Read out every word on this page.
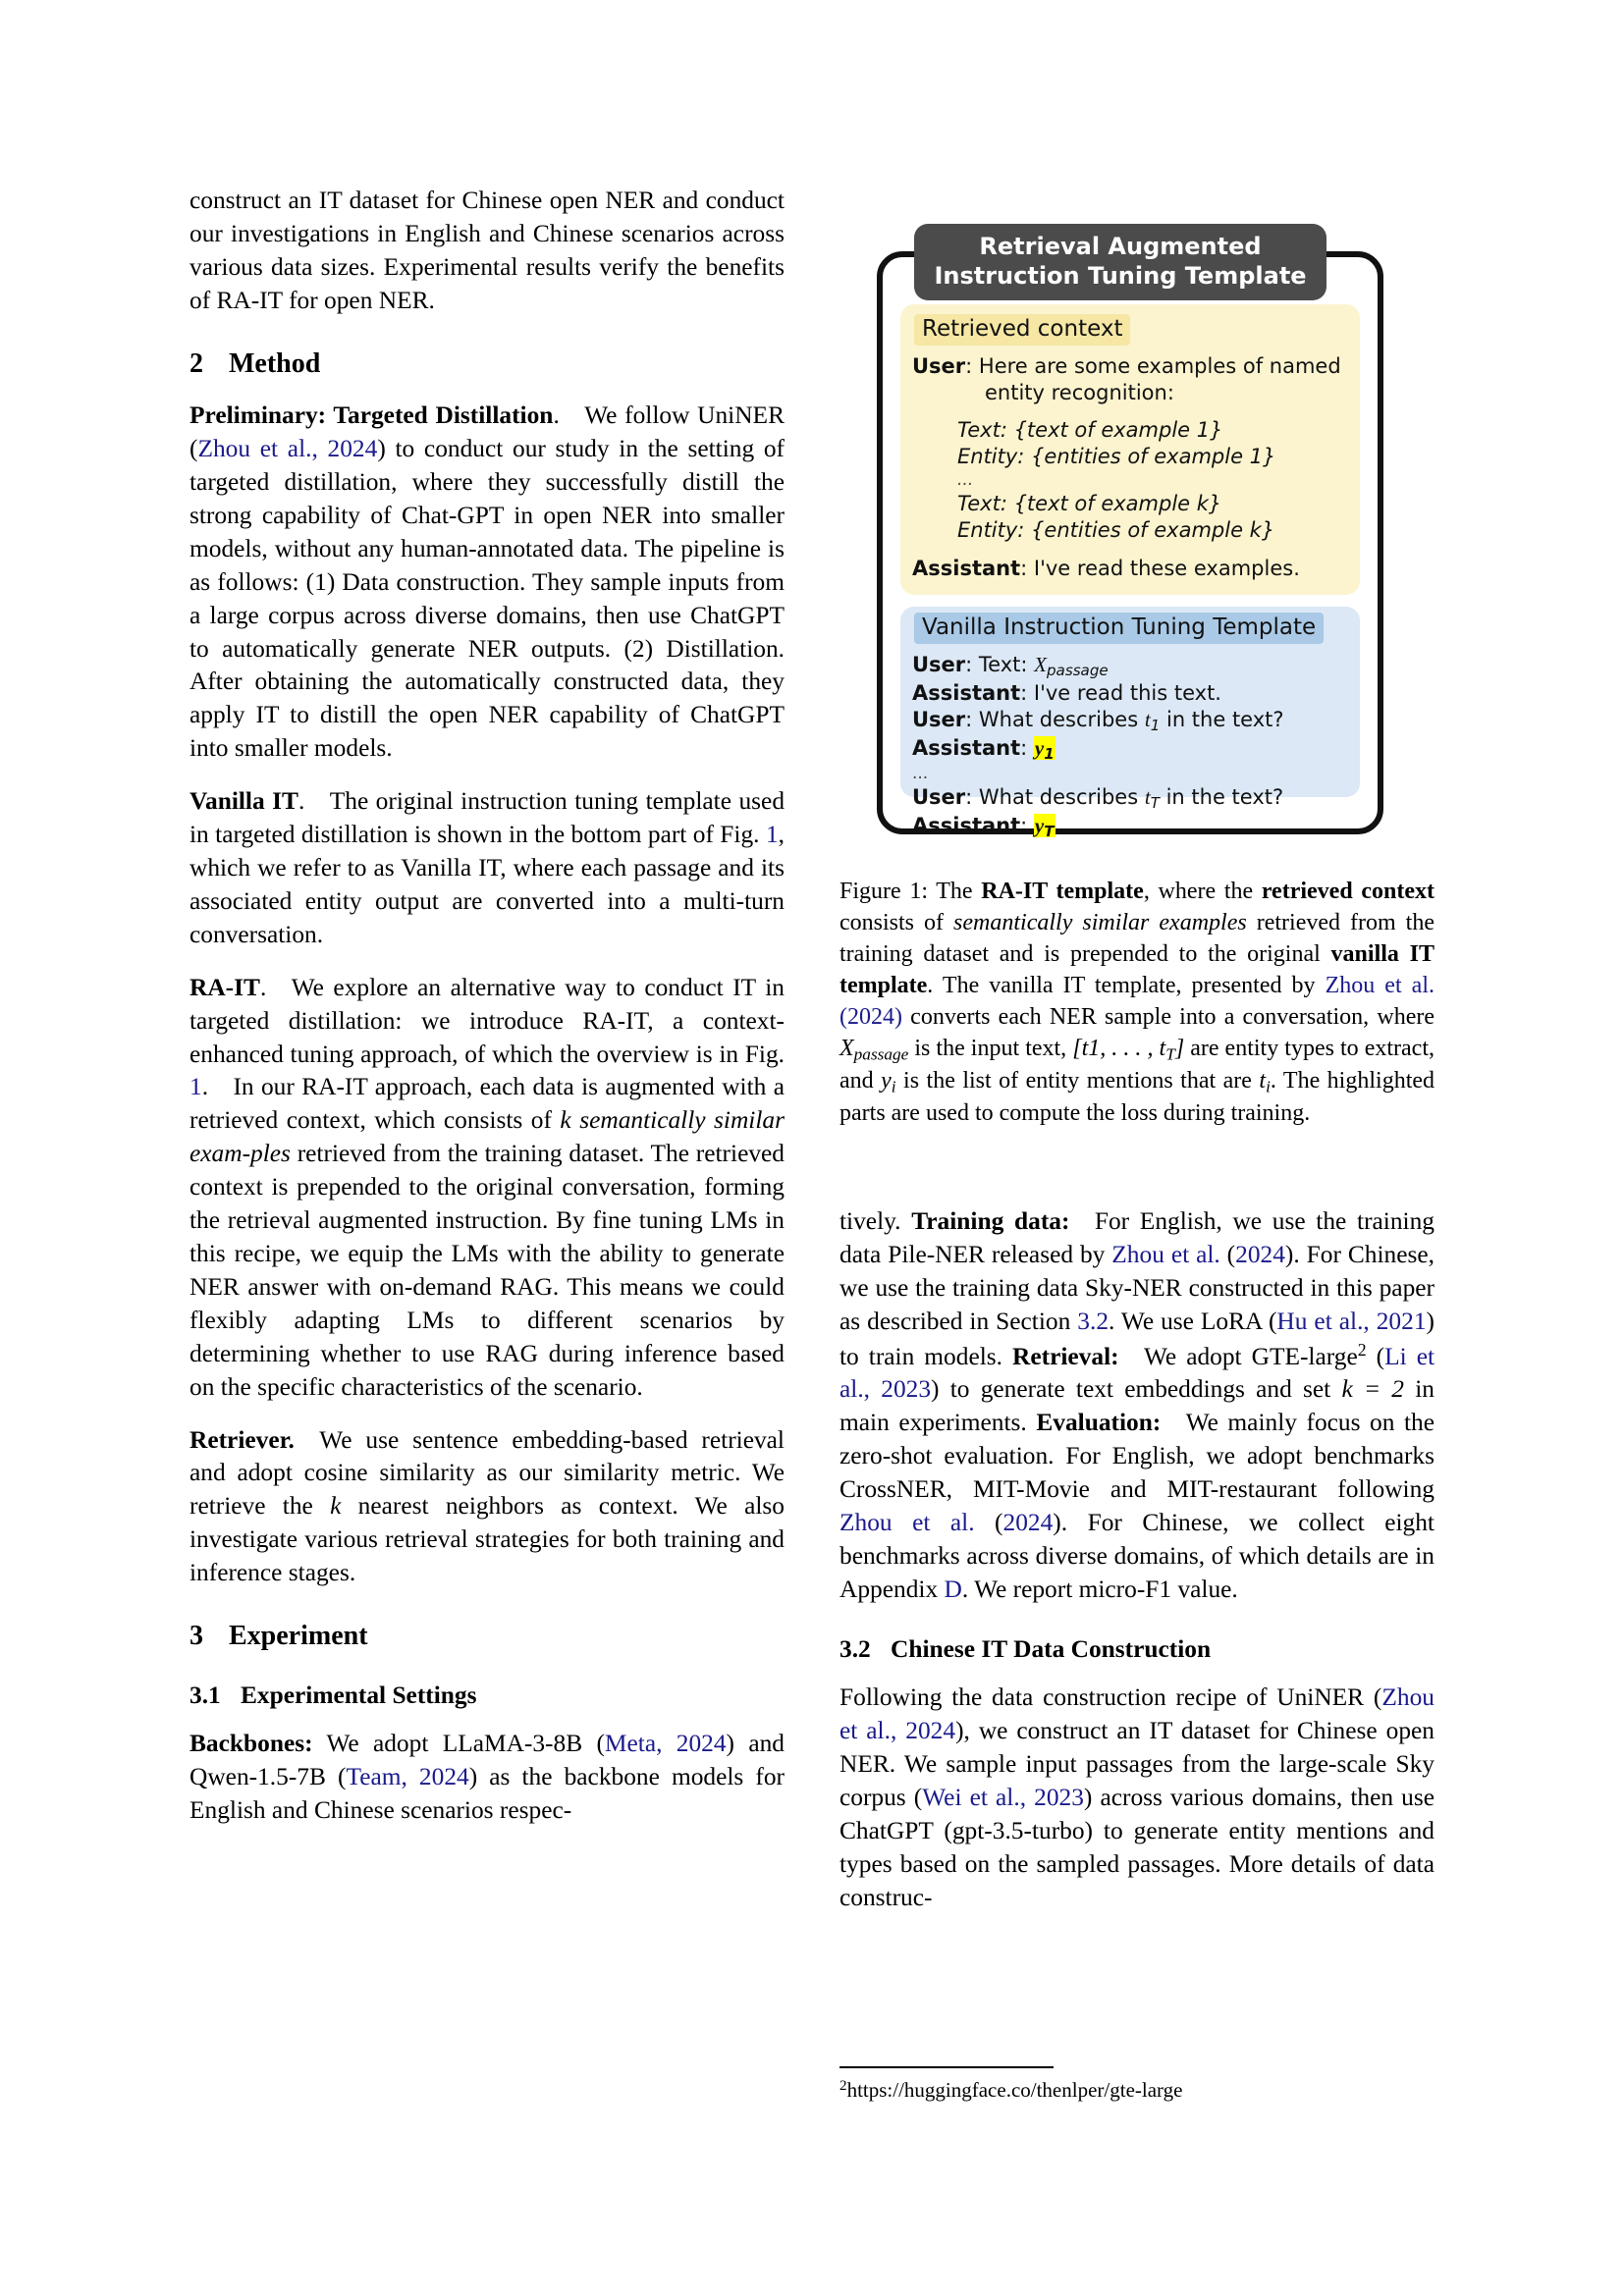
construct an IT dataset for Chinese open NER and conduct our investigations in English and Chinese scenarios across various data sizes. Experimental results verify the benefits of RA-IT for open NER.

2 Method

Preliminary: Targeted Distillation. We follow UniNER (Zhou et al., 2024) to conduct our study in the setting of targeted distillation, where they successfully distill the strong capability of Chat-GPT in open NER into smaller models, without any human-annotated data. The pipeline is as follows: (1) Data construction. They sample inputs from a large corpus across diverse domains, then use ChatGPT to automatically generate NER outputs. (2) Distillation. After obtaining the automatically constructed data, they apply IT to distill the open NER capability of ChatGPT into smaller models.

Vanilla IT. The original instruction tuning template used in targeted distillation is shown in the bottom part of Fig. 1, which we refer to as Vanilla IT, where each passage and its associated entity output are converted into a multi-turn conversation.

RA-IT. We explore an alternative way to conduct IT in targeted distillation: we introduce RA-IT, a context-enhanced tuning approach, of which the overview is in Fig. 1. In our RA-IT approach, each data is augmented with a retrieved context, which consists of k semantically similar exam-ples retrieved from the training dataset. The retrieved context is prepended to the original conversation, forming the retrieval augmented instruction. By fine tuning LMs in this recipe, we equip the LMs with the ability to generate NER answer with on-demand RAG. This means we could flexibly adapting LMs to different scenarios by determining whether to use RAG during inference based on the specific characteristics of the scenario.

Retriever. We use sentence embedding-based retrieval and adopt cosine similarity as our similarity metric. We retrieve the k nearest neighbors as context. We also investigate various retrieval strategies for both training and inference stages.

3 Experiment
3.1 Experimental Settings

Backbones: We adopt LLaMA-3-8B (Meta, 2024) and Qwen-1.5-7B (Team, 2024) as the backbone models for English and Chinese scenarios respec-

Retrieval Augmented
Instruction Tuning Template
Retrieved context
User: Here are some examples of named
entity recognition:
Text: {text of example 1}
Entity: {entities of example 1}
...
Text: {text of example k}
Entity: {entities of example k}
Assistant: I've read these examples.
Vanilla Instruction Tuning Template
User: Text: $X_{passage}$
Assistant: I've read this text.
User: What describes $t_1$ in the text?
Assistant: $y_1$
...
User: What describes $t_T$ in the text?
Assistant: $y_T$
Figure 1: The RA-IT template, where the retrieved context consists of semantically similar examples retrieved from the training dataset and is prepended to the original vanilla IT template. The vanilla IT template, presented by Zhou et al. (2024) converts each NER sample into a conversation, where $X_{passage}$ is the input text, [t1, . . . , $t_T$] are entity types to extract, and $y_i$ is the list of entity mentions that are $t_i$. The highlighted parts are used to compute the loss during training.

tively. Training data: For English, we use the training data Pile-NER released by Zhou et al. (2024). For Chinese, we use the training data Sky-NER constructed in this paper as described in Section 3.2. We use LoRA (Hu et al., 2021) to train models. Retrieval: We adopt GTE-large$^2$ (Li et al., 2023) to generate text embeddings and set k = 2 in main experiments. Evaluation: We mainly focus on the zero-shot evaluation. For English, we adopt benchmarks CrossNER, MIT-Movie and MIT-restaurant following Zhou et al. (2024). For Chinese, we collect eight benchmarks across diverse domains, of which details are in Appendix D. We report micro-F1 value.

3.2 Chinese IT Data Construction

Following the data construction recipe of UniNER (Zhou et al., 2024), we construct an IT dataset for Chinese open NER. We sample input passages from the large-scale Sky corpus (Wei et al., 2023) across various domains, then use ChatGPT (gpt-3.5-turbo) to generate entity mentions and types based on the sampled passages. More details of data construc-

$^2$https://huggingface.co/thenlper/gte-large
